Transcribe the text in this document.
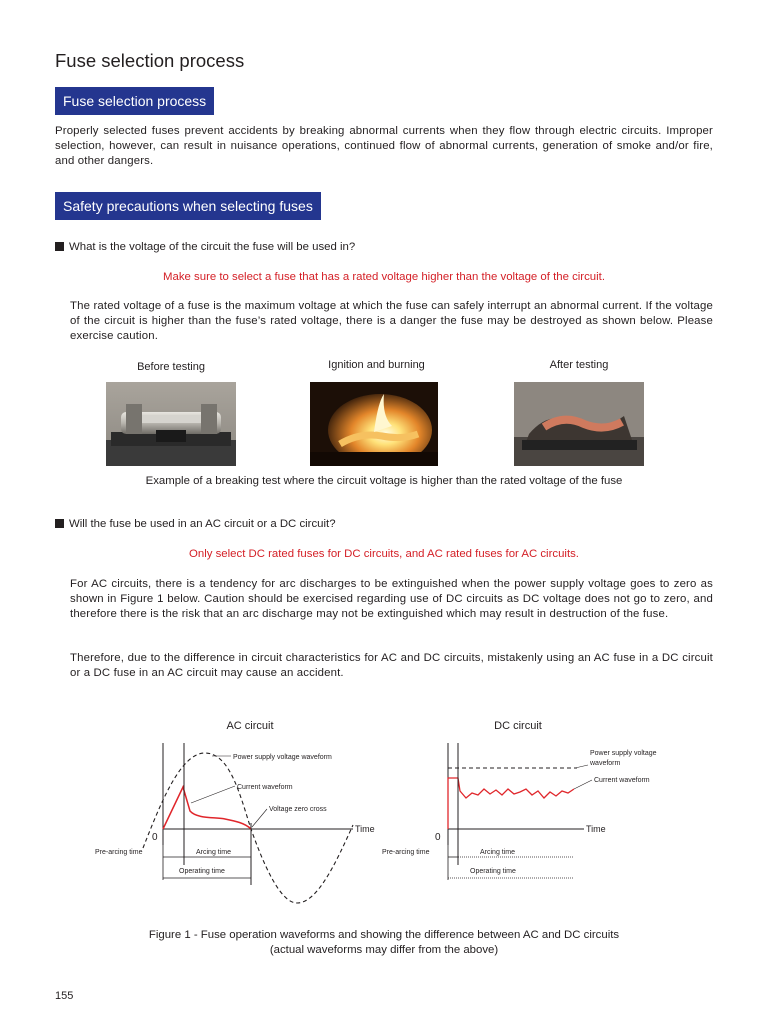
Fuse selection process
Fuse selection process
Properly selected fuses prevent accidents by breaking abnormal currents when they flow through electric circuits. Improper selection, however, can result in nuisance operations, continued flow of abnormal currents, generation of smoke and/or fire, and other dangers.
Safety precautions when selecting fuses
What is the voltage of the circuit the fuse will be used in?
Make sure to select a fuse that has a rated voltage higher than the voltage of the circuit.
The rated voltage of a fuse is the maximum voltage at which the fuse can safely interrupt an abnormal current. If the voltage of the circuit is higher than the fuse’s rated voltage, there is a danger the fuse may be destroyed as shown below. Please exercise caution.
Before testing	Ignition and burning	After testing
Example of a breaking test where the circuit voltage is higher than the rated voltage of the fuse
Will the fuse be used in an AC circuit or a DC circuit?
Only select DC rated fuses for DC circuits, and AC rated fuses for AC circuits.
For AC circuits, there is a tendency for arc discharges to be extinguished when the power supply voltage goes to zero as shown in Figure 1 below. Caution should be exercised regarding use of DC circuits as DC voltage does not go to zero, and therefore there is the risk that an arc discharge may not be extinguished which may result in destruction of the fuse.
Therefore, due to the difference in circuit characteristics for AC and DC circuits, mistakenly using an AC fuse in a DC circuit or a DC fuse in an AC circuit may cause an accident.
AC circuit
Time
0
Power supply voltage waveform
Current waveform
Voltage zero cross
Pre-arcing time	Arcing time
Operating time
DC circuit
Time
0
Power supply voltage
waveform
Current waveform
Pre-arcing time	Arcing time
Operating time
Figure 1 - Fuse operation waveforms and showing the difference between AC and DC circuits
(actual waveforms may differ from the above)
155
